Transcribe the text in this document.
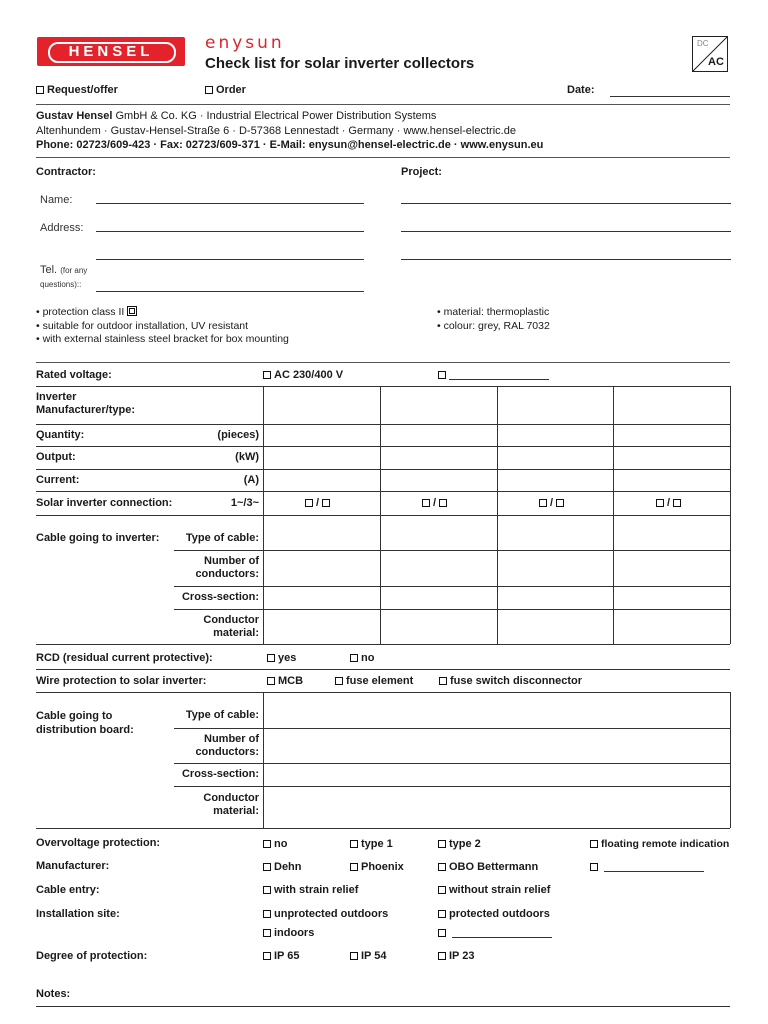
HENSEL	enysun
Check list for solar inverter collectors
DC
AC
Request/offer	Order	Date:
Gustav Hensel GmbH & Co. KG · Industrial Electrical Power Distribution Systems
Altenhundem · Gustav-Hensel-Straße 6 · D-57368 Lennestadt · Germany · www.hensel-electric.de
Phone: 02723/609-423 · Fax: 02723/609-371 · E-Mail: enysun@hensel-electric.de · www.enysun.eu
Contractor:	Project:
Name:
Address:
Tel. (for any
questions)::
• protection class II
• suitable for outdoor installation, UV resistant
• with external stainless steel bracket for box mounting
• material: thermoplastic
• colour: grey, RAL 7032
Rated voltage:	AC 230/400 V
Inverter
Manufacturer/type:
Quantity:	(pieces)
Output:	(kW)
Current:	(A)
Solar inverter connection:	1~/3~	/	/	/	/
Cable going to inverter:	Type of cable:
Number of
conductors:
Cross-section:
Conductor
material:
RCD (residual current protective):	yes	no
Wire protection to solar inverter:	MCB	fuse element	fuse switch disconnector
Cable going to
distribution board:
Type of cable:
Number of
conductors:
Cross-section:
Conductor
material:
Overvoltage protection:	no	type 1	type 2	floating remote indication
Manufacturer:	Dehn	Phoenix	OBO Bettermann

Cable entry:	with strain relief	without strain relief
Installation site:	unprotected outdoors	protected outdoors
indoors

Degree of protection:	IP 65	IP 54	IP 23
Notes:
